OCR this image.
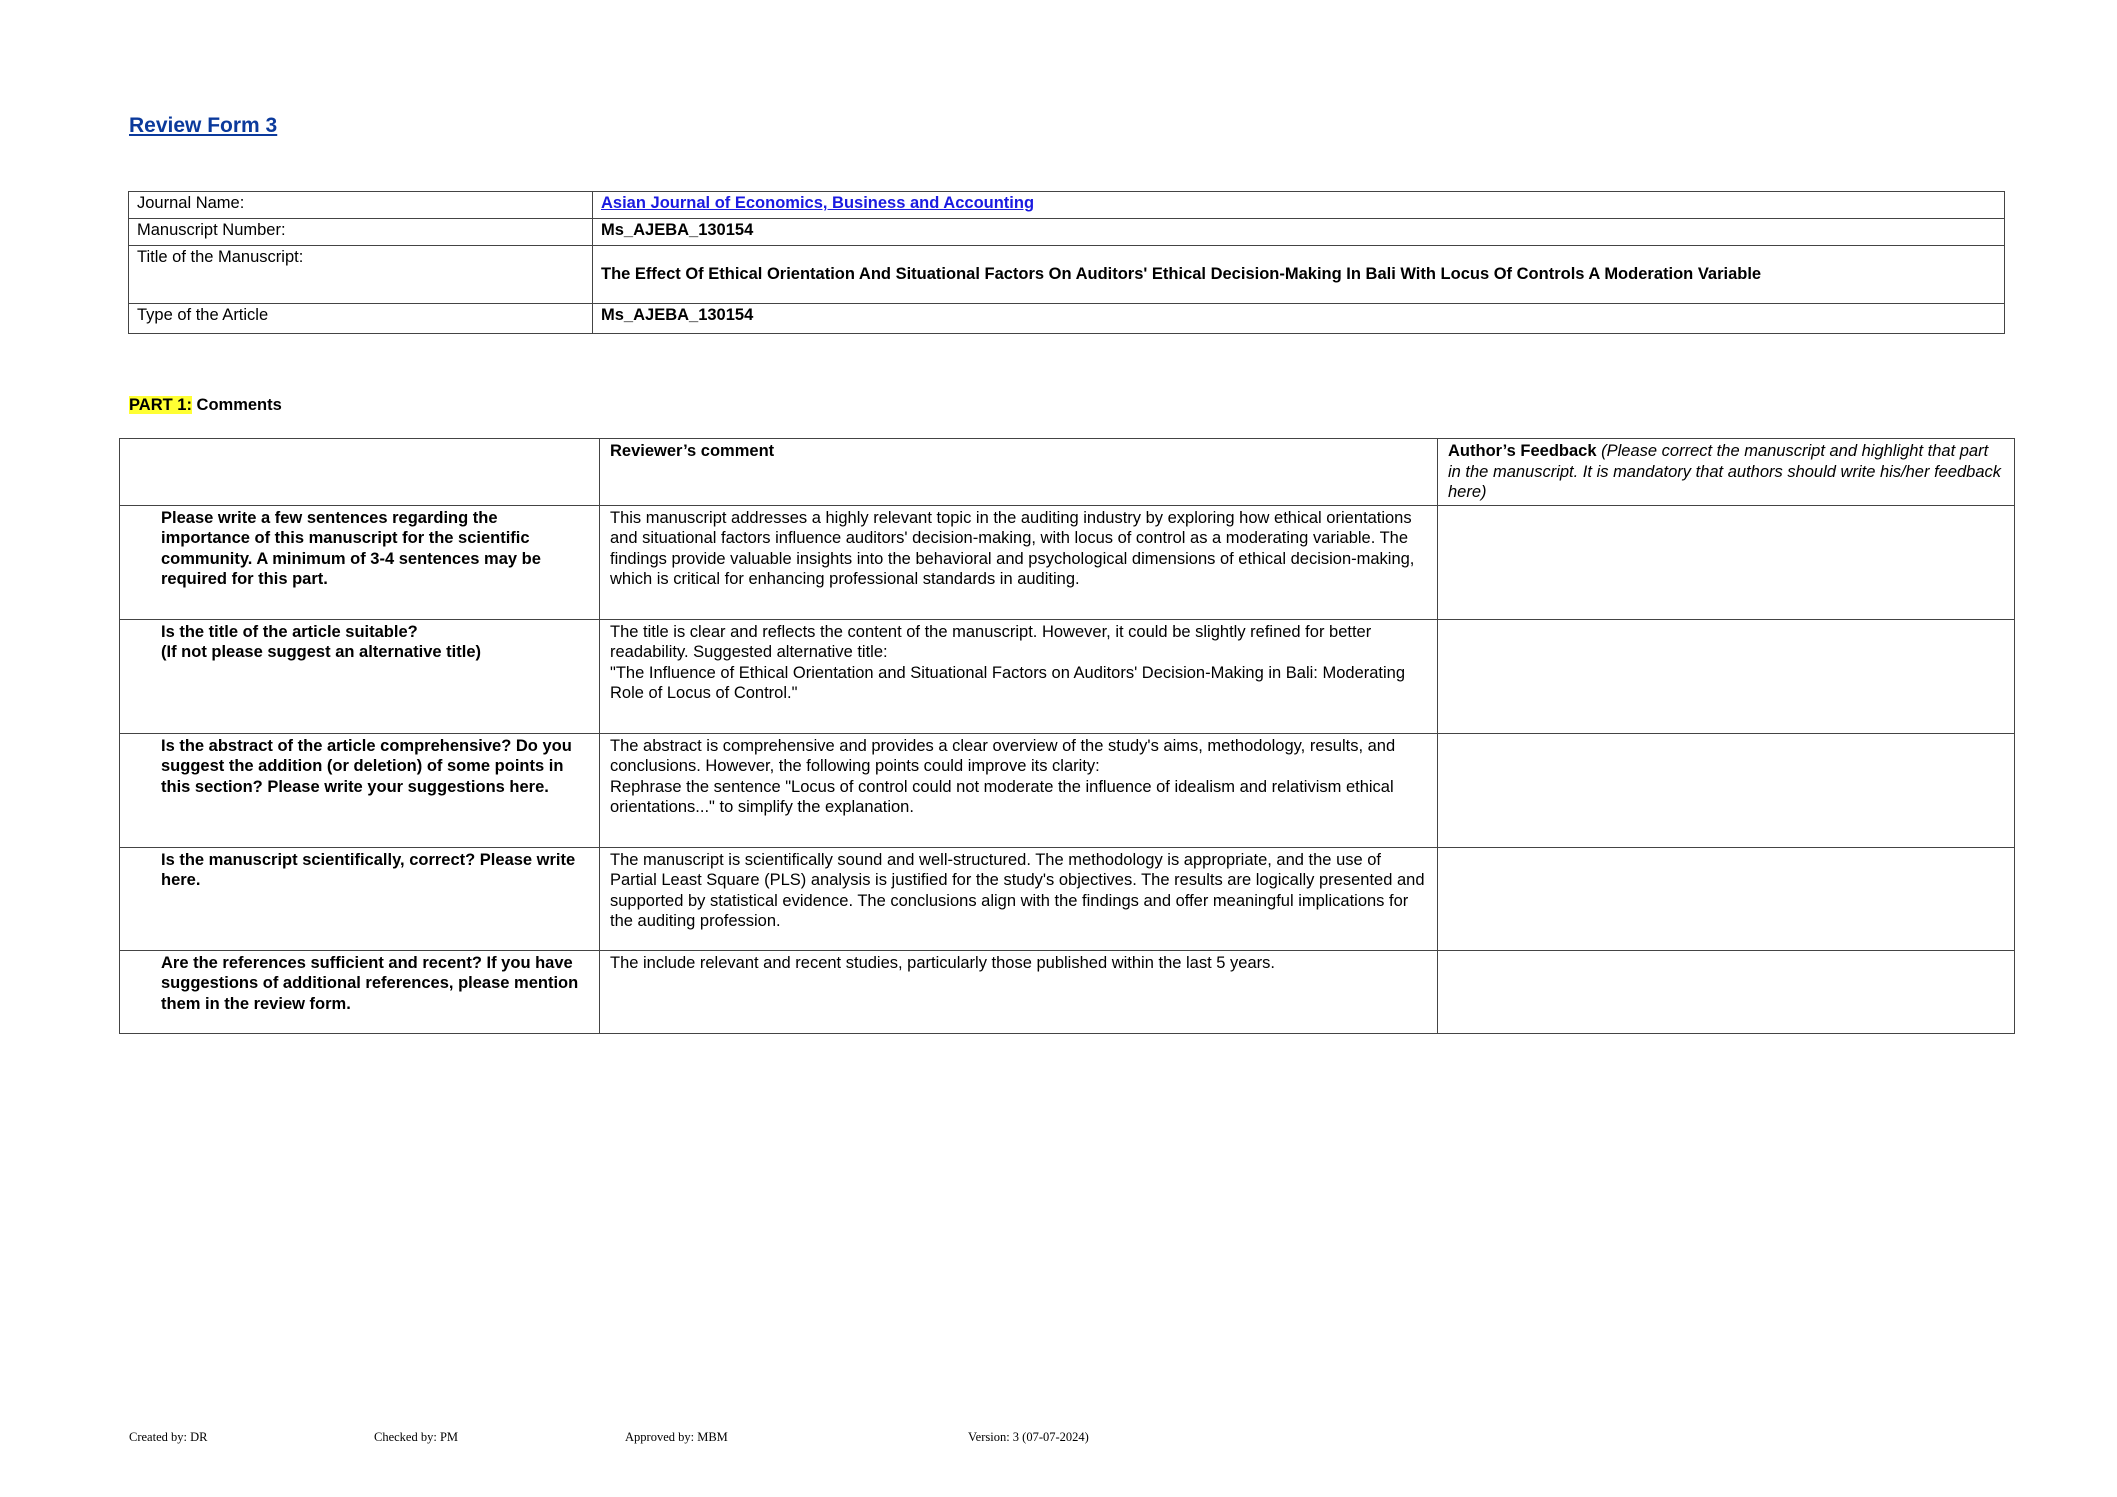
Review Form 3
Journal Name:	Asian Journal of Economics, Business and Accounting
Manuscript Number:	Ms_AJEBA_130154
Title of the Manuscript:	The Effect Of Ethical Orientation And Situational Factors On Auditors' Ethical Decision-Making In Bali With Locus Of Controls A Moderation Variable
Type of the Article	Ms_AJEBA_130154
PART 1: Comments
	Reviewer’s comment	Author’s Feedback (Please correct the manuscript and highlight that part in the manuscript. It is mandatory that authors should write his/her feedback here)
Please write a few sentences regarding the importance of this manuscript for the scientific community. A minimum of 3-4 sentences may be required for this part.	This manuscript addresses a highly relevant topic in the auditing industry by exploring how ethical orientations and situational factors influence auditors' decision-making, with locus of control as a moderating variable. The findings provide valuable insights into the behavioral and psychological dimensions of ethical decision-making, which is critical for enhancing professional standards in auditing.	
Is the title of the article suitable?
(If not please suggest an alternative title)	The title is clear and reflects the content of the manuscript. However, it could be slightly refined for better readability. Suggested alternative title:
"The Influence of Ethical Orientation and Situational Factors on Auditors' Decision-Making in Bali: Moderating Role of Locus of Control."	
Is the abstract of the article comprehensive? Do you suggest the addition (or deletion) of some points in this section? Please write your suggestions here.	The abstract is comprehensive and provides a clear overview of the study's aims, methodology, results, and conclusions. However, the following points could improve its clarity:
Rephrase the sentence "Locus of control could not moderate the influence of idealism and relativism ethical orientations..." to simplify the explanation.	
Is the manuscript scientifically, correct? Please write here.	The manuscript is scientifically sound and well-structured. The methodology is appropriate, and the use of Partial Least Square (PLS) analysis is justified for the study's objectives. The results are logically presented and supported by statistical evidence. The conclusions align with the findings and offer meaningful implications for the auditing profession.	
Are the references sufficient and recent? If you have suggestions of additional references, please mention them in the review form.	The include relevant and recent studies, particularly those published within the last 5 years.	
Created by: DR	Checked by: PM	Approved by: MBM	Version: 3 (07-07-2024)
